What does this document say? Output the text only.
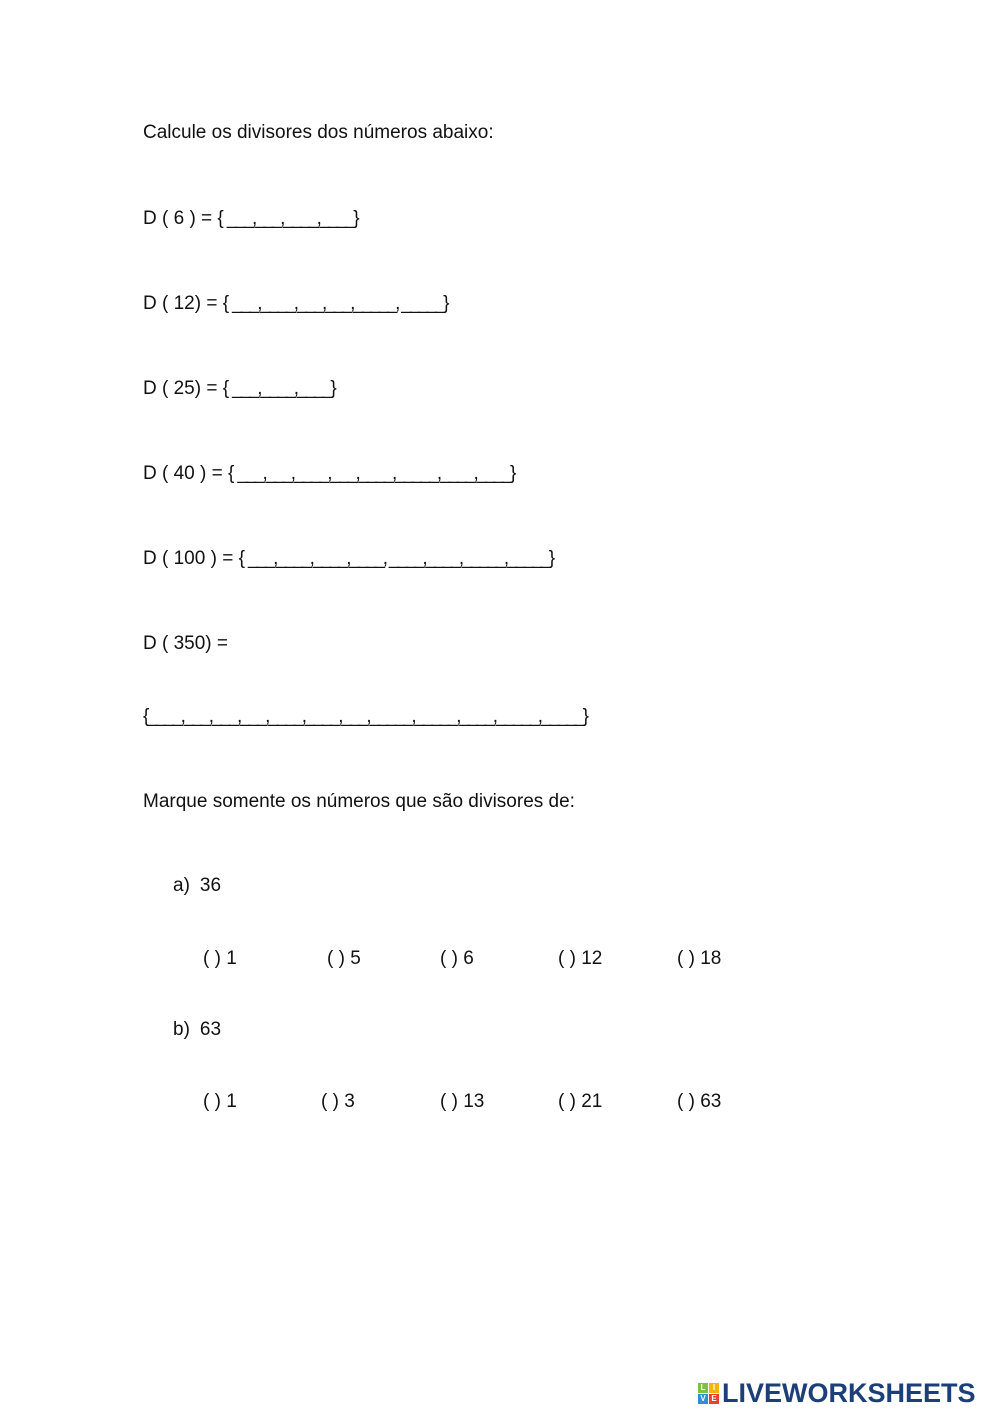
Calcule os divisores dos números abaixo:
D ( 6 ) = { ___,___,____,____}
D ( 12) = { ___,____,___,___,_____, _____}
D ( 25) = { ___,____,____}
D ( 40 ) = { ___,___,____,___,____,_____,____,____}
D ( 100 ) = { ___,____,____,____, ____,____,_____,_____}
D ( 350) =
{____,___,___,___,____,____,___,_____,_____,____,_____,_____}
Marque somente os números que são divisores de:
a) 36
( ) 1	( ) 5	( ) 6	( ) 12	( ) 18
b) 63
( ) 1	( ) 3	( ) 13	( ) 21	( ) 63
L I
V E LIVEWORKSHEETS
